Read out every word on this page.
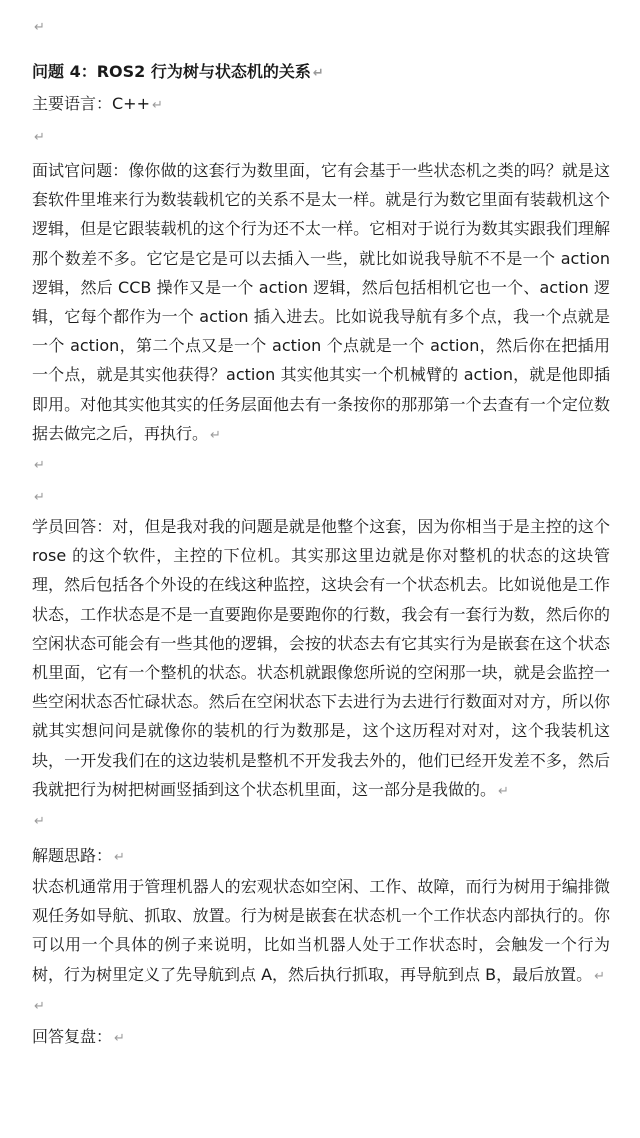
↵
问题 4：ROS2 行为树与状态机的关系 ↵
主要语言：C++ ↵
↵

面试官问题：像你做的这套行为数里面，它有会基于一些状态机之类的吗？就是这套软件里堆来行为数装载机它的关系不是太一样。就是行为数它里面有装载机这个逻辑，但是它跟装载机的这个行为还不太一样。它相对于说行为数其实跟我们理解那个数差不多。它它是它是可以去插入一些，就比如说我导航不不是一个 action 逻辑，然后 CCB 操作又是一个 action 逻辑，然后包括相机它也一个、action 逻辑，它每个都作为一个 action 插入进去。比如说我导航有多个点，我一个点就是一个 action，第二个点又是一个 action 个点就是一个 action，然后你在把插用一个点，就是其实他获得？action 其实他其实一个机械臂的 action，就是他即插即用。对他其实他其实的任务层面他去有一条按你的那那第一个去查有一个定位数据去做完之后，再执行。 ↵

↵
↵

学员回答：对，但是我对我的问题是就是他整个这套，因为你相当于是主控的这个 rose 的这个软件，主控的下位机。其实那这里边就是你对整机的状态的这块管理，然后包括各个外设的在线这种监控，这块会有一个状态机去。比如说他是工作状态，工作状态是不是一直要跑你是要跑你的行数，我会有一套行为数，然后你的空闲状态可能会有一些其他的逻辑，会按的状态去有它其实行为是嵌套在这个状态机里面，它有一个整机的状态。状态机就跟像您所说的空闲那一块，就是会监控一些空闲状态否忙碌状态。然后在空闲状态下去进行为去进行行数面对对方，所以你就其实想问问是就像你的装机的行为数那是，这个这历程对对对，这个我装机这块，一开发我们在的这边装机是整机不开发我去外的，他们已经开发差不多，然后我就把行为树把树画竖插到这个状态机里面，这一部分是我做的。 ↵

↵
解题思路： ↵

状态机通常用于管理机器人的宏观状态如空闲、工作、故障，而行为树用于编排微观任务如导航、抓取、放置。行为树是嵌套在状态机一个工作状态内部执行的。你可以用一个具体的例子来说明，比如当机器人处于工作状态时，会触发一个行为树，行为树里定义了先导航到点 A，然后执行抓取，再导航到点 B，最后放置。 ↵

↵
回答复盘： ↵
